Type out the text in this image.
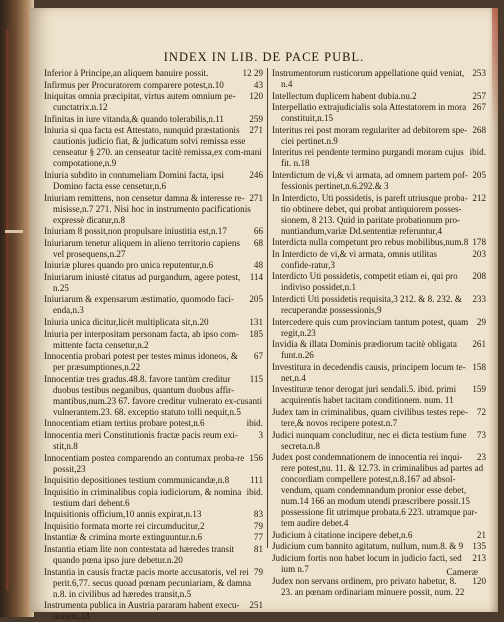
INDEX IN LIB. DE PACE PUBL.
12 29
Inferior à Principe,an aliquem banuire possit.
43
Infirmus per Procuratorem comparere potest,n.10
120
Iniquitas omnia præcipitat, virtus autem omnium pe-cunctatrix.n.12
259
Infinitas in iure vitanda,& quando tolerabilis,n.11
271
Iniuria si qua facta est Attestato, nunquid præstationis cautionis judicio fiat, & judicatum solvi remissa esse censeatur § 270. an censeatur tacitè remissa,ex com-mani compotatione,n.9
246
Iniuria subdito in contumeliam Domini facta, ipsi Domino facta esse censetur,n.6
271
Iniuriam remittens, non censetur damna & interesse re-misisse,n.7 271. Nisi hoc in instrumento pacificationis expressè dicatur,n.8
66
Iniuriam 8 possit,non propulsare iniustitia est,n.17
68
Iniuriarum tenetur aliquem in alieno territorio capiens vel prosequens,n.27
48
Iniuriæ plures quando pro unica reputentur,n.6
114
Iniuriarum iniustè citatus ad purgandum, agere potest, n.25
205
Iniuriarum & expensarum æstimatio, quomodo faci-enda,n.3
131
Iniuria unica dicitur,licèt multiplicata sit,n.20
185
Iniuria per interpositam personam facta, ab ipso com-mittente facta censetur,n.2
67
Innocentia probari potest per testes minus idoneos, & per præsumptiones,n.22
115
Innocentiæ tres gradus.48.8. favore tantùm creditur duobus testibus neganibus, quantum duobus affir-mantibus,num.23 67. favore creditur vulnerato ex-cusanti vulnerantem.23. 68. exceptio statuto tolli nequit,n.5
ibid.
Innocentiam etiam tertius probare potest,n.6
3
Innocentia meri Constitutionis fractæ pacis reum exi-stit,n.8
156
Innocentiam postea comparendo an contumax proba-re possit,23
111
Inquisitio depositiones testium communicandæ,n.8
ibid.
Inquisitio in criminalibus copia iudiciorum, & nomina testium dari debent.6
83
Inquisitionis officium,10 annis expirat,n.13
79
Inquisitio formata morte rei circumducitur,2
77
Instantiæ & crimina morte extinguuntur.n.6
81
Instantia etiam lite non contestata ad hæredes transit quando pœna ipso jure debetur.n.20
79
Instantia in causis fractæ pacis morte accusatoris, vel rei perit.6,77. secus quoad pœnam pecuniariam, & damna n.8. in civilibus ad hæredes transit,n.5
251
Instrumenta publica in Austria pararam habent execu-tionem,18
253
Instrumentorum rusticorum appellatione quid veniat, n.4
257
Intellectum duplicem habent dubia.nu.2
267
Interpellatio extrajudicialis sola Attestatorem in mora constituit,n.15
268
Interitus rei post moram regulariter ad debitorem spe-ciei pertinet.n.9
ibid.
Interitus rei pendente termino purgandi moram cujus fit. n.18
205
Interdictum de vi,& vi armata, ad omnem partem pof-fessionis pertinet,n.6.292.& 3
212
In Interdicto, Uti possidetis, is pareft utriusque proba-tio obtinere debet, qui probat antiquiorem posses-sionem, 8 213. Quid in paritate probationum pro-nuntiandum,variæ Dd.sententiæ referuntur,4
178
Interdicta nulla competunt pro rebus mobilibus,num.8
203
In Interdicto de vi,& vi armata, omnis utilitas confide-ratur,3
208
Interdicto Uti possidetis, competit etiam ei, qui pro indiviso possidet,n.1
233
Interdicti Uti possidetis requisita,3 212. & 8. 232. & recuperandæ possessionis,9
29
Intercedere quis cum provinciam tantum potest, quam regit,n.23
261
Invidia & illata Dominis prædiorum tacitè obligata funt.n.26
158
Investitura in decedendis causis, principem locum te-net,n.4
159
Investituræ tenor derogat juri sendali.5. ibid. primi acquirentis habet tacitam conditionem. num. 11
72
Judex tam in criminalibus, quam civilibus testes repe-tere,& novos recipere potest.n.7
73
Judici nunquam concluditur, nec ei dicta testium fune secreta.n.8
23
Judex post condemnationem de innocentia rei inqui-rere potest,nu. 11. & 12.73. in criminalibus ad partes ad concordiam compellere potest,n.8.167 ad absol-vendum, quam condemnandum pronior esse debet, num.14 166 an modum utendi præscribere possit.15 possessione fit utrimque probata.6 223. utramque par-tem audire debet.4
21
Judicium à citatione incipere debet,n.6
135
Judicium cum bannito agitatum, nullum, num.8. & 9
213
Judicium fortis non habet locum in judicio facti, sed ium n.7
120
Judex non servans ordinem, pro privato habetur, 8. 23. an pœnam ordinariam minuere possit, num. 22
Cameræ
